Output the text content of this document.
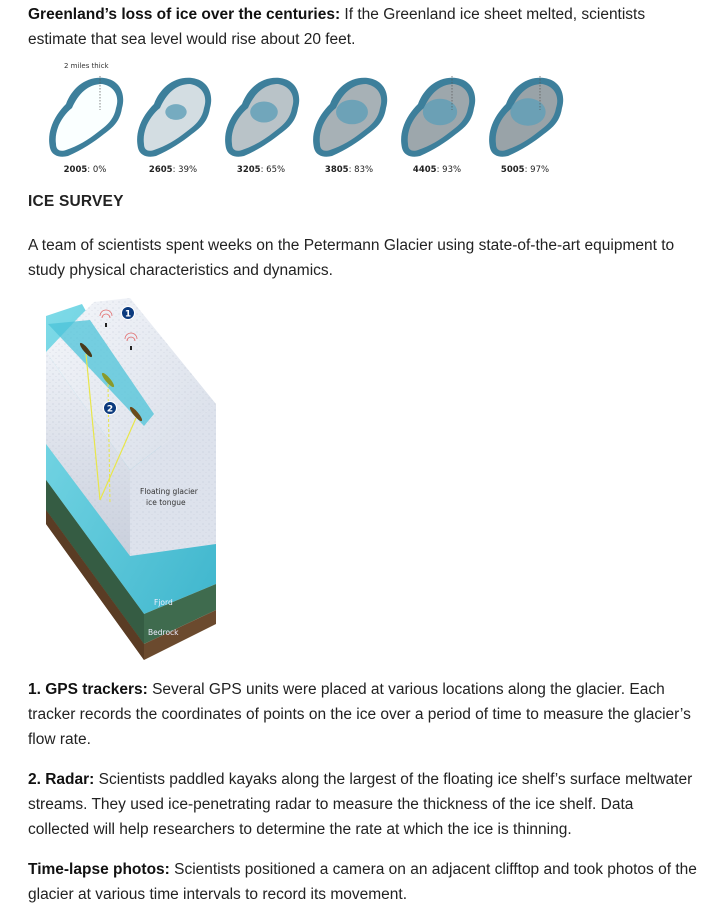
Greenland’s loss of ice over the centuries: If the Greenland ice sheet melted, scientists estimate that sea level would rise about 20 feet.

2 miles thick
2005: 0%	2605: 39%	3205: 65%	3805: 83%	4405: 93%	5005: 97%
ICE SURVEY

A team of scientists spent weeks on the Petermann Glacier using state-of-the-art equipment to study physical characteristics and dynamics.

1
2
Floating glacier
ice tongue
Fjord
Bedrock

1. GPS trackers: Several GPS units were placed at various locations along the glacier. Each tracker records the coordinates of points on the ice over a period of time to measure the glacier’s flow rate.

2. Radar: Scientists paddled kayaks along the largest of the floating ice shelf’s surface meltwater streams. They used ice-penetrating radar to measure the thickness of the ice shelf. Data collected will help researchers to determine the rate at which the ice is thinning.

Time-lapse photos: Scientists positioned a camera on an adjacent clifftop and took photos of the glacier at various time intervals to record its movement.
